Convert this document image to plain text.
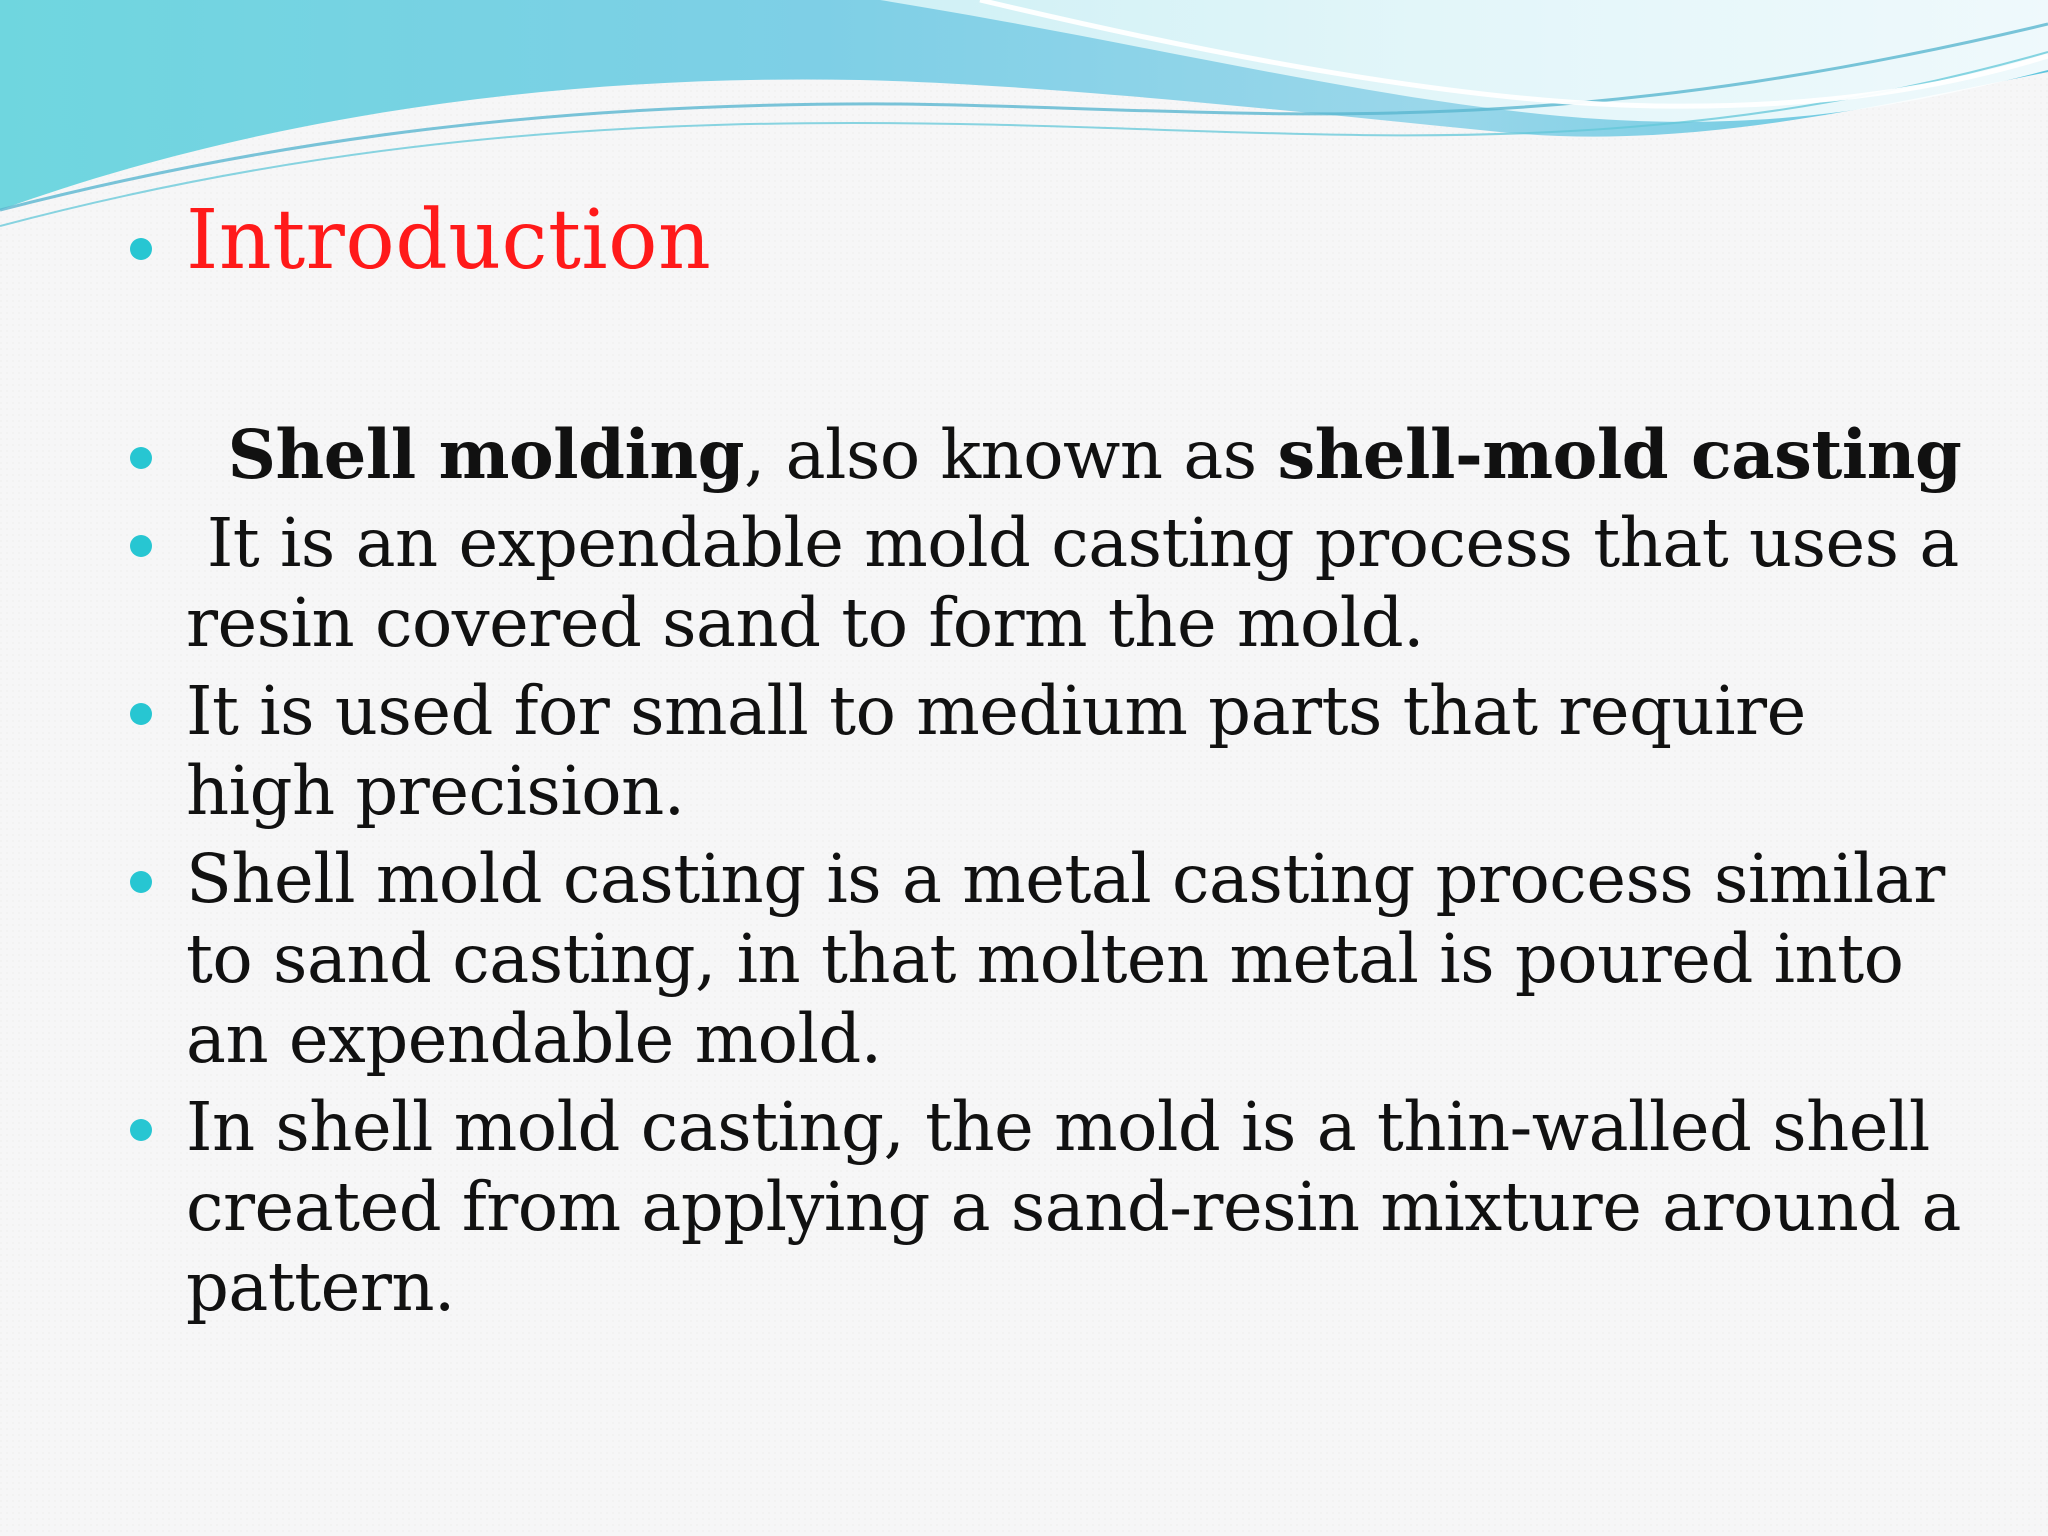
Introduction
Shell molding, also known as shell-mold casting
It is an expendable mold casting process that uses a resin covered sand to form the mold.
It is used for small to medium parts that require high precision.
Shell mold casting is a metal casting process similar to sand casting, in that molten metal is poured into an expendable mold.
In shell mold casting, the mold is a thin-walled shell created from applying a sand-resin mixture around a pattern.
